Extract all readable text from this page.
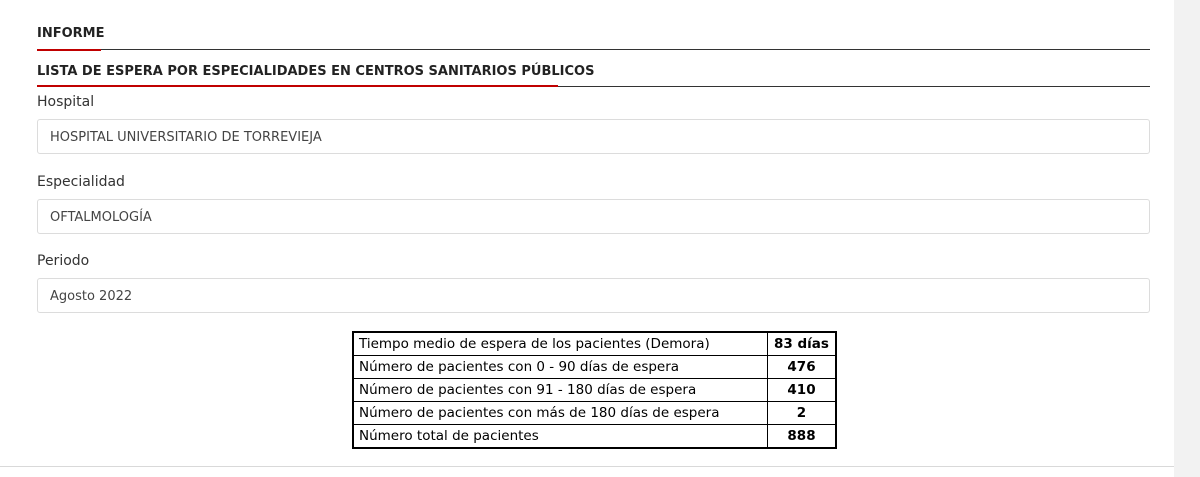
INFORME
LISTA DE ESPERA POR ESPECIALIDADES EN CENTROS SANITARIOS PÚBLICOS
Hospital
HOSPITAL UNIVERSITARIO DE TORREVIEJA
Especialidad
OFTALMOLOGÍA
Periodo
Agosto 2022
Tiempo medio de espera de los pacientes (Demora)	83 días
Número de pacientes con 0 - 90 días de espera	476
Número de pacientes con 91 - 180 días de espera	410
Número de pacientes con más de 180 días de espera	2
Número total de pacientes	888
